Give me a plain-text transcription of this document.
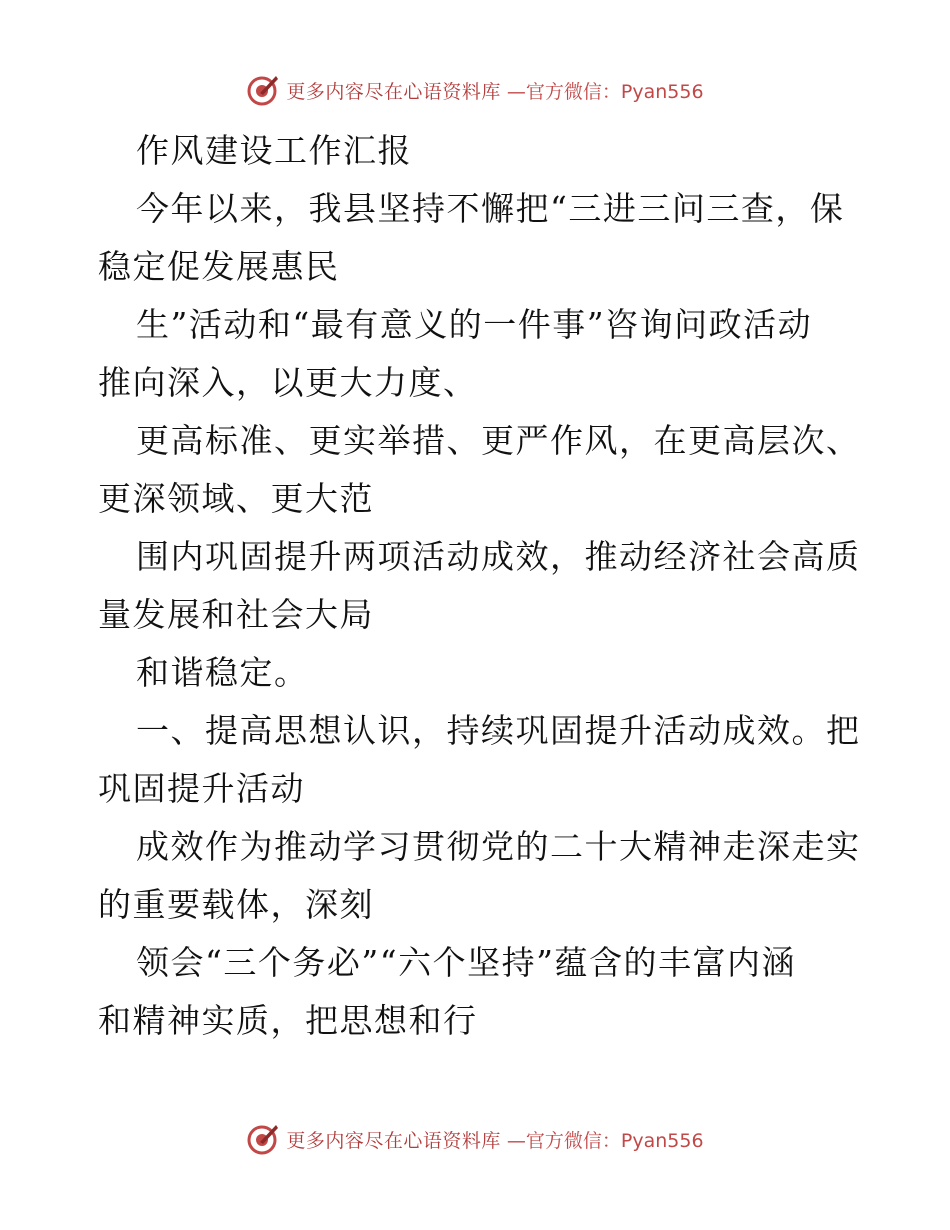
更多内容尽在心语资料库 —官方微信：Pyan556

作风建设工作汇报

今年以来，我县坚持不懈把“三进三问三查，保
稳定促发展惠民

生”活动和“最有意义的一件事”咨询问政活动
推向深入，以更大力度、

更高标准、更实举措、更严作风，在更高层次、
更深领域、更大范

围内巩固提升两项活动成效，推动经济社会高质
量发展和社会大局

和谐稳定。

一、提高思想认识，持续巩固提升活动成效。把
巩固提升活动

成效作为推动学习贯彻党的二十大精神走深走实
的重要载体，深刻

领会“三个务必”“六个坚持”蕴含的丰富内涵
和精神实质，把思想和行

更多内容尽在心语资料库 —官方微信：Pyan556
